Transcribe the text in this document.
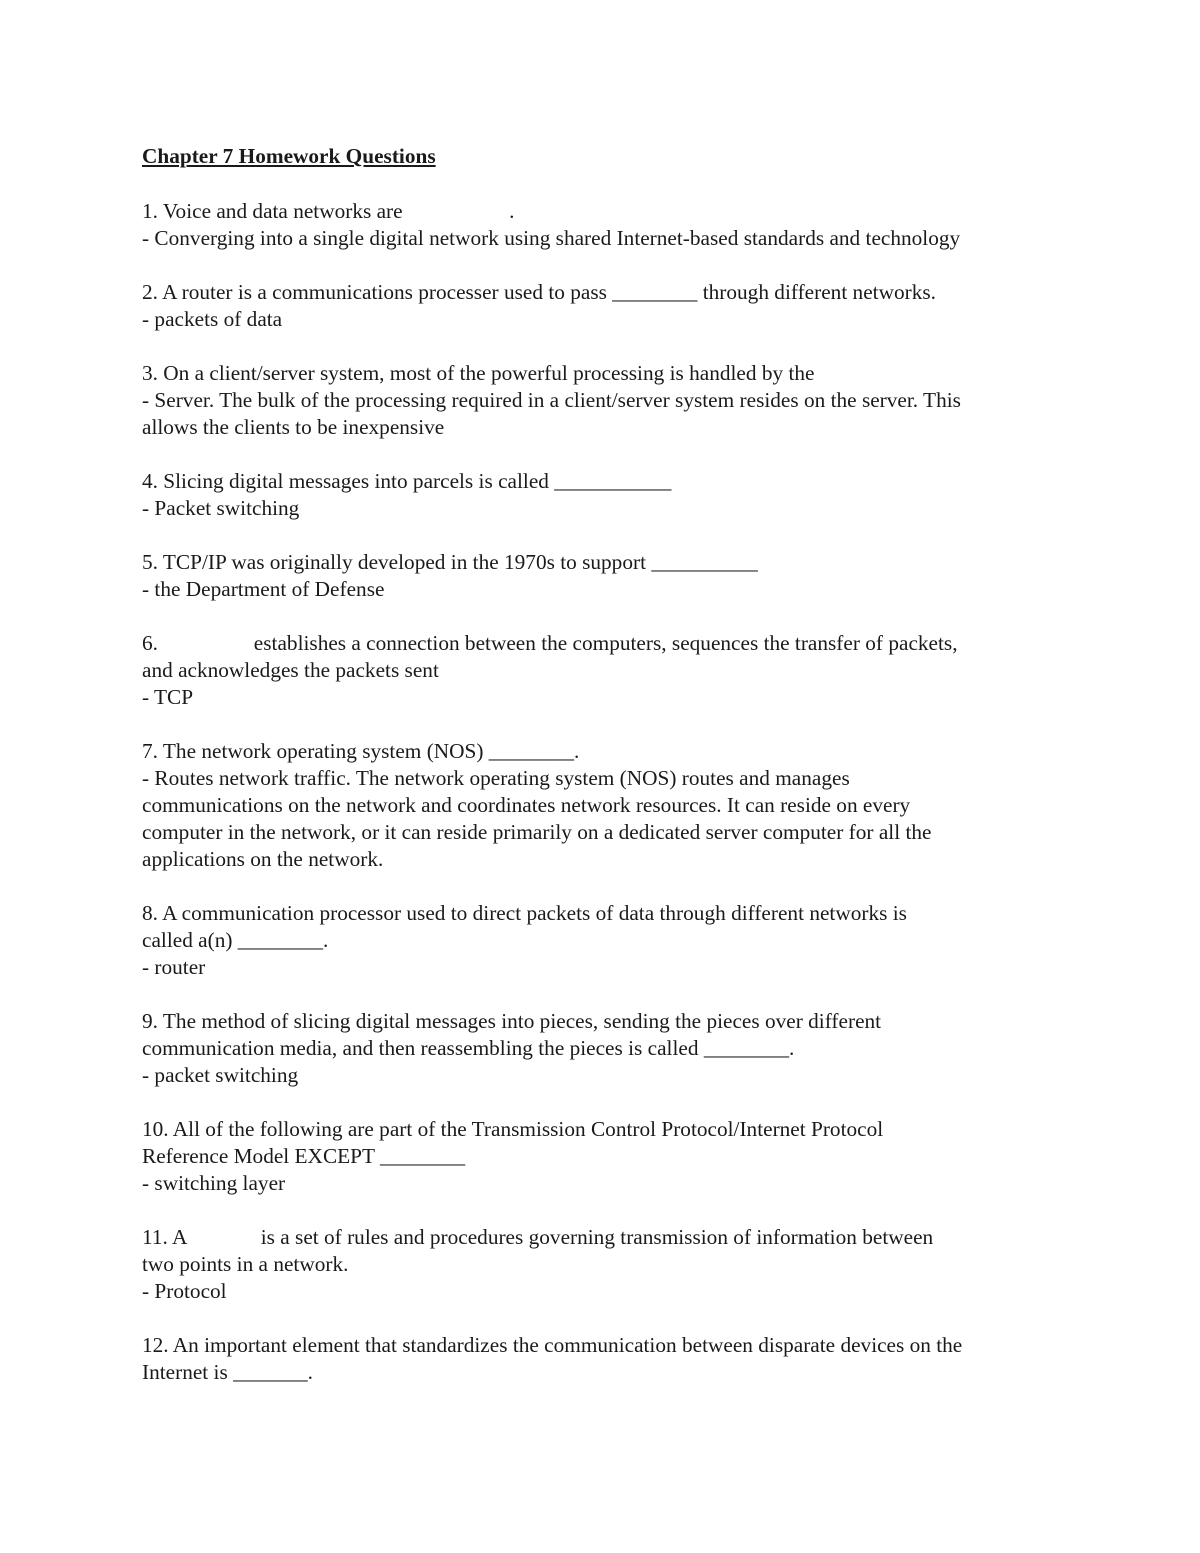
Chapter 7 Homework Questions
1. Voice and data networks are                    .
- Converging into a single digital network using shared Internet-based standards and technology
2. A router is a communications processer used to pass ________ through different networks.
- packets of data
3. On a client/server system, most of the powerful processing is handled by the
- Server. The bulk of the processing required in a client/server system resides on the server. This
allows the clients to be inexpensive
4. Slicing digital messages into parcels is called ___________
- Packet switching
5. TCP/IP was originally developed in the 1970s to support __________
- the Department of Defense
6.                  establishes a connection between the computers, sequences the transfer of packets,
and acknowledges the packets sent
- TCP
7. The network operating system (NOS) ________.
- Routes network traffic. The network operating system (NOS) routes and manages
communications on the network and coordinates network resources. It can reside on every
computer in the network, or it can reside primarily on a dedicated server computer for all the
applications on the network.
8. A communication processor used to direct packets of data through different networks is
called a(n) ________.
- router
9. The method of slicing digital messages into pieces, sending the pieces over different
communication media, and then reassembling the pieces is called ________.
- packet switching
10. All of the following are part of the Transmission Control Protocol/Internet Protocol
Reference Model EXCEPT ________
- switching layer
11. A              is a set of rules and procedures governing transmission of information between
two points in a network.
- Protocol
12. An important element that standardizes the communication between disparate devices on the
Internet is _______.
